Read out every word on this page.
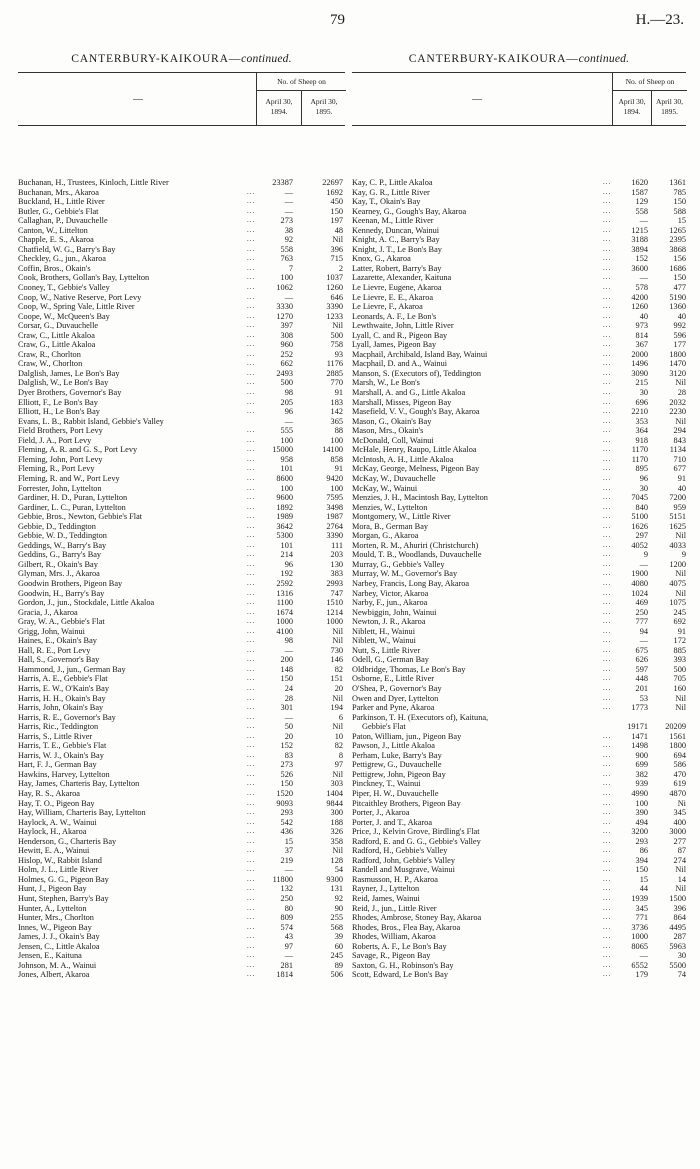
79	H.—23.
CANTERBURY-KAIKOURA—continued.
—
No. of Sheep on
April 30, 1894.
April 30, 1895.
Buchanan, H., Trustees, Kinloch, Little River	23387	22697
Buchanan, Mrs., Akaroa	...	—	1692
Buckland, H., Little River	...	—	450
Butler, G., Gebbie's Flat	...	—	150
Callaghan, P., Duvauchelle	...	273	197
Canton, W., Littelton	...	38	48
Chapple, E. S., Akaroa	...	92	Nil
Chatfield, W. G., Barry's Bay	...	558	396
Checkley, G., jun., Akaroa	...	763	715
Coffin, Bros., Okain's	...	7	2
Cook, Brothers, Gollan's Bay, Lyttelton	...	100	1037
Cooney, T., Gebbie's Valley	...	1062	1260
Coop, W., Native Reserve, Port Levy	...	—	646
Coop, W., Spring Vale, Little River	...	3330	3390
Coope, W., McQueen's Bay	...	1270	1233
Corsar, G., Duvauchelle	...	397	Nil
Craw, C., Little Akaloa	...	308	500
Craw, G., Little Akaloa	...	960	758
Craw, R., Chorlton	...	252	93
Craw, W., Chorlton	...	662	1176
Dalglish, James, Le Bon's Bay	...	2493	2885
Dalglish, W., Le Bon's Bay	...	500	770
Dyer Brothers, Governor's Bay	...	98	91
Elliott, F., Le Bon's Bay	...	205	183
Elliott, H., Le Bon's Bay	...	96	142
Evans, L. B., Rabbit Island, Gebbie's Valley	—	365
Field Brothers, Port Levy	...	555	88
Field, J. A., Port Levy	...	100	100
Fleming, A. R. and G. S., Port Levy	...	15000	14100
Fleming, John, Port Levy	...	958	858
Fleming, R., Port Levy	...	101	91
Fleming, R. and W., Port Levy	...	8600	9420
Forrester, John, Lyttelton	...	100	100
Gardiner, H. D., Puran, Lyttelton	...	9600	7595
Gardiner, L. C., Puran, Lyttelton	...	1892	3498
Gebbie, Bros., Newton, Gebbie's Flat	...	1989	1987
Gebbie, D., Teddington	...	3642	2764
Gebbie, W. D., Teddington	...	5300	3390
Geddings, W., Barry's Bay	...	101	111
Geddins, G., Barry's Bay	...	214	203
Gilbert, R., Okain's Bay	...	96	130
Glyman, Mrs. J., Akaroa	...	192	383
Goodwin Brothers, Pigeon Bay	...	2592	2993
Goodwin, H., Barry's Bay	...	1316	747
Gordon, J., jun., Stockdale, Little Akaloa	...	1100	1510
Gracia, J., Akaroa	...	1674	1214
Gray, W. A., Gebbie's Flat	...	1000	1000
Grigg, John, Wainui	...	4100	Nil
Haines, E., Okain's Bay	...	98	Nil
Hall, R. E., Port Levy	...	—	730
Hall, S., Governor's Bay	...	200	146
Hammond, J., jun., German Bay	...	148	82
Harris, A. E., Gebbie's Flat	...	150	151
Harris, E. W., O'Kain's Bay	...	24	20
Harris, H. H., Okain's Bay	...	28	Nil
Harris, John, Okain's Bay	...	301	194
Harris, R. E., Governor's Bay	...	—	6
Harris, Ric., Teddington	...	50	Nil
Harris, S., Little River	...	20	10
Harris, T. E., Gebbie's Flat	...	152	82
Harris, W. J., Okain's Bay	...	83	8
Hart, F. J., German Bay	...	273	97
Hawkins, Harvey, Lyttelton	...	526	Nil
Hay, James, Charteris Bay, Lyttelton	...	150	303
Hay, R. S., Akaroa	...	1520	1404
Hay, T. O., Pigeon Bay	...	9093	9844
Hay, William, Charteris Bay, Lyttelton	...	293	300
Haylock, A. W., Wainui	...	542	188
Haylock, H., Akaroa	...	436	326
Henderson, G., Charteris Bay	...	15	358
Hewitt, E. A., Wainui	...	37	Nil
Hislop, W., Rabbit Island	...	219	128
Holm, J. L., Little River	...	—	54
Holmes, G. G., Pigeon Bay	...	11800	9300
Hunt, J., Pigeon Bay	...	132	131
Hunt, Stephen, Barry's Bay	...	250	92
Hunter, A., Lyttelton	...	80	90
Hunter, Mrs., Chorlton	...	809	255
Innes, W., Pigeon Bay	...	574	568
James, J. J., Okain's Bay	...	43	39
Jensen, C., Little Akaloa	...	97	60
Jensen, E., Kaituna	...	—	245
Johnson, M. A., Wainui	...	281	89
Jones, Albert, Akaroa	...	1814	506
CANTERBURY-KAIKOURA—continued.
—
No. of Sheep on
April 30, 1894.
April 30, 1895.
Kay, C. P., Little Akaloa	...	1620	1361
Kay, G. R., Little River	...	1587	785
Kay, T., Okain's Bay	...	129	150
Kearney, G., Gough's Bay, Akaroa	...	558	588
Keenan, M., Little River	...	—	15
Kennedy, Duncan, Wainui	...	1215	1265
Knight, A. C., Barry's Bay	...	3188	2395
Knight, J. T., Le Bon's Bay	...	3894	3868
Knox, G., Akaroa	...	152	156
Latter, Robert, Barry's Bay	...	3600	1686
Lazarette, Alexander, Kaituna	...	—	150
Le Lievre, Eugene, Akaroa	...	578	477
Le Lievre, E. E., Akaroa	...	4200	5190
Le Lievre, F., Akaroa	...	1260	1360
Leonards, A. F., Le Bon's	...	40	40
Lewthwaite, John, Little River	...	973	992
Lyall, C. and R., Pigeon Bay	...	814	596
Lyall, James, Pigeon Bay	...	367	177
Macphail, Archibald, Island Bay, Wainui	...	2000	1800
Macphail, D. and A., Wainui	...	1496	1470
Manson, S. (Executors of), Teddington	...	3090	3120
Marsh, W., Le Bon's	...	215	Nil
Marshall, A. and G., Little Akaloa	...	30	28
Marshall, Misses, Pigeon Bay	...	696	2032
Masefield, V. V., Gough's Bay, Akaroa	...	2210	2230
Mason, G., Okain's Bay	...	353	Nil
Mason, Mrs., Okain's	...	364	294
McDonald, Coll, Wainui	...	918	843
McHale, Henry, Raupo, Little Akaloa	...	1170	1134
McIntosh, A. H., Little Akaloa	...	1170	710
McKay, George, Melness, Pigeon Bay	...	895	677
McKay, W., Duvauchelle	...	96	91
McKay, W., Wainui	...	30	40
Menzies, J. H., Macintosh Bay, Lyttelton	...	7045	7200
Menzies, W., Lyttelton	...	840	959
Montgomery, W., Little River	...	5100	5151
Mora, B., German Bay	...	1626	1625
Morgan, G., Akaroa	...	297	Nil
Morten, R. M., Ahuriri (Christchurch)	...	4052	4033
Mould, T. B., Woodlands, Duvauchelle	...	9	9
Murray, G., Gebbie's Valley	...	—	1200
Murray, W. M., Governor's Bay	...	1900	Nil
Narbey, Francis, Long Bay, Akaroa	...	4080	4075
Narbey, Victor, Akaroa	...	1024	Nil
Narby, F., jun., Akaroa	...	469	1075
Newbiggin, John, Wainui	...	250	245
Newton, J. R., Akaroa	...	777	692
Niblett, H., Wainui	...	94	91
Niblett, W., Wainui	...	—	172
Nutt, S., Little River	...	675	885
Odell, G., German Bay	...	626	393
Oldbridge, Thomas, Le Bon's Bay	...	597	500
Osborne, E., Little River	...	448	705
O'Shea, P., Governor's Bay	...	201	160
Owen and Dyer, Lyttelton	...	53	Nil
Parker and Pyne, Akaroa	...	1773	Nil
Parkinson, T. H. (Executors of), Kaituna,
Gebbie's Flat	19171	20209
Paton, William, jun., Pigeon Bay	...	1471	1561
Pawson, J., Little Akaloa	...	1498	1800
Perham, Luke, Barry's Bay	...	900	694
Pettigrew, G., Duvauchelle	...	699	586
Pettigrew, John, Pigeon Bay	...	382	470
Pinckney, T., Wainui	...	939	619
Piper, H. W., Duvauchelle	...	4990	4870
Pitcaithley Brothers, Pigeon Bay	...	100	Ni
Porter, J., Akaroa	...	390	345
Porter, J. and T., Akaroa	...	494	400
Price, J., Kelvin Grove, Birdling's Flat	...	3200	3000
Radford, E. and G. G., Gebbie's Valley	...	293	277
Radford, H., Gebbie's Valley	...	86	87
Radford, John, Gebbie's Valley	...	394	274
Randell and Musgrave, Wainui	...	150	Nil
Rasmusson, H. P., Akaroa	...	15	14
Rayner, J., Lyttelton	...	44	Nil
Reid, James, Wainui	...	1939	1500
Reid, J., jun., Little River	...	345	396
Rhodes, Ambrose, Stoney Bay, Akaroa	...	771	864
Rhodes, Bros., Flea Bay, Akaroa	...	3736	4495
Rhodes, William, Akaroa	...	1000	287
Roberts, A. F., Le Bon's Bay	...	8065	5963
Savage, R., Pigeon Bay	...	—	30
Saxton, G. H., Robinson's Bay	...	6552	5500
Scott, Edward, Le Bon's Bay	...	179	74
